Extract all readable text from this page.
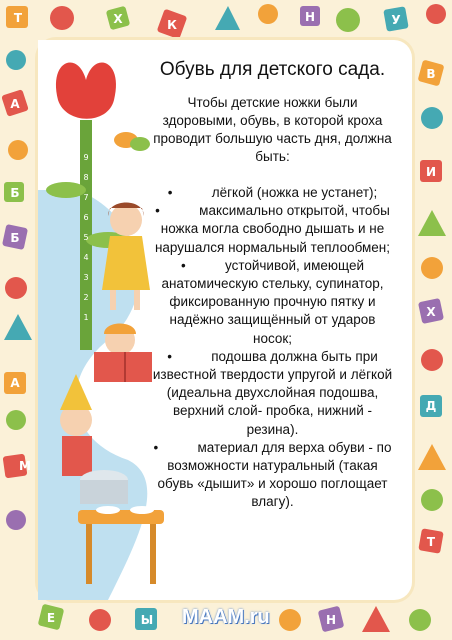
К
А
Б
Е
М
В
И
Х
Д
Т
Ы	Н
А
Б
У
Н
Х
Т
9
8
7
6
5
4
3
2
1
Обувь для детского сада.

Чтобы детские ножки были здоровыми, обувь, в которой кроха проводит большую часть дня, должна быть:

•	лёгкой (ножка не устанет);
•	максимально открытой, чтобы ножка могла свободно дышать и не нарушался нормальный теплообмен;
•	устойчивой, имеющей анатомическую стельку, супинатор, фиксированную прочную пятку и надёжно защищённый от ударов носок;
•	подошва должна быть при известной твердости упругой и лёгкой (идеальна двухслойная подошва, верхний слой- пробка, нижний - резина).
•	материал для верха обуви - по возможности натуральный (такая обувь «дышит» и хорошо поглощает влагу).
MAAM.ru
